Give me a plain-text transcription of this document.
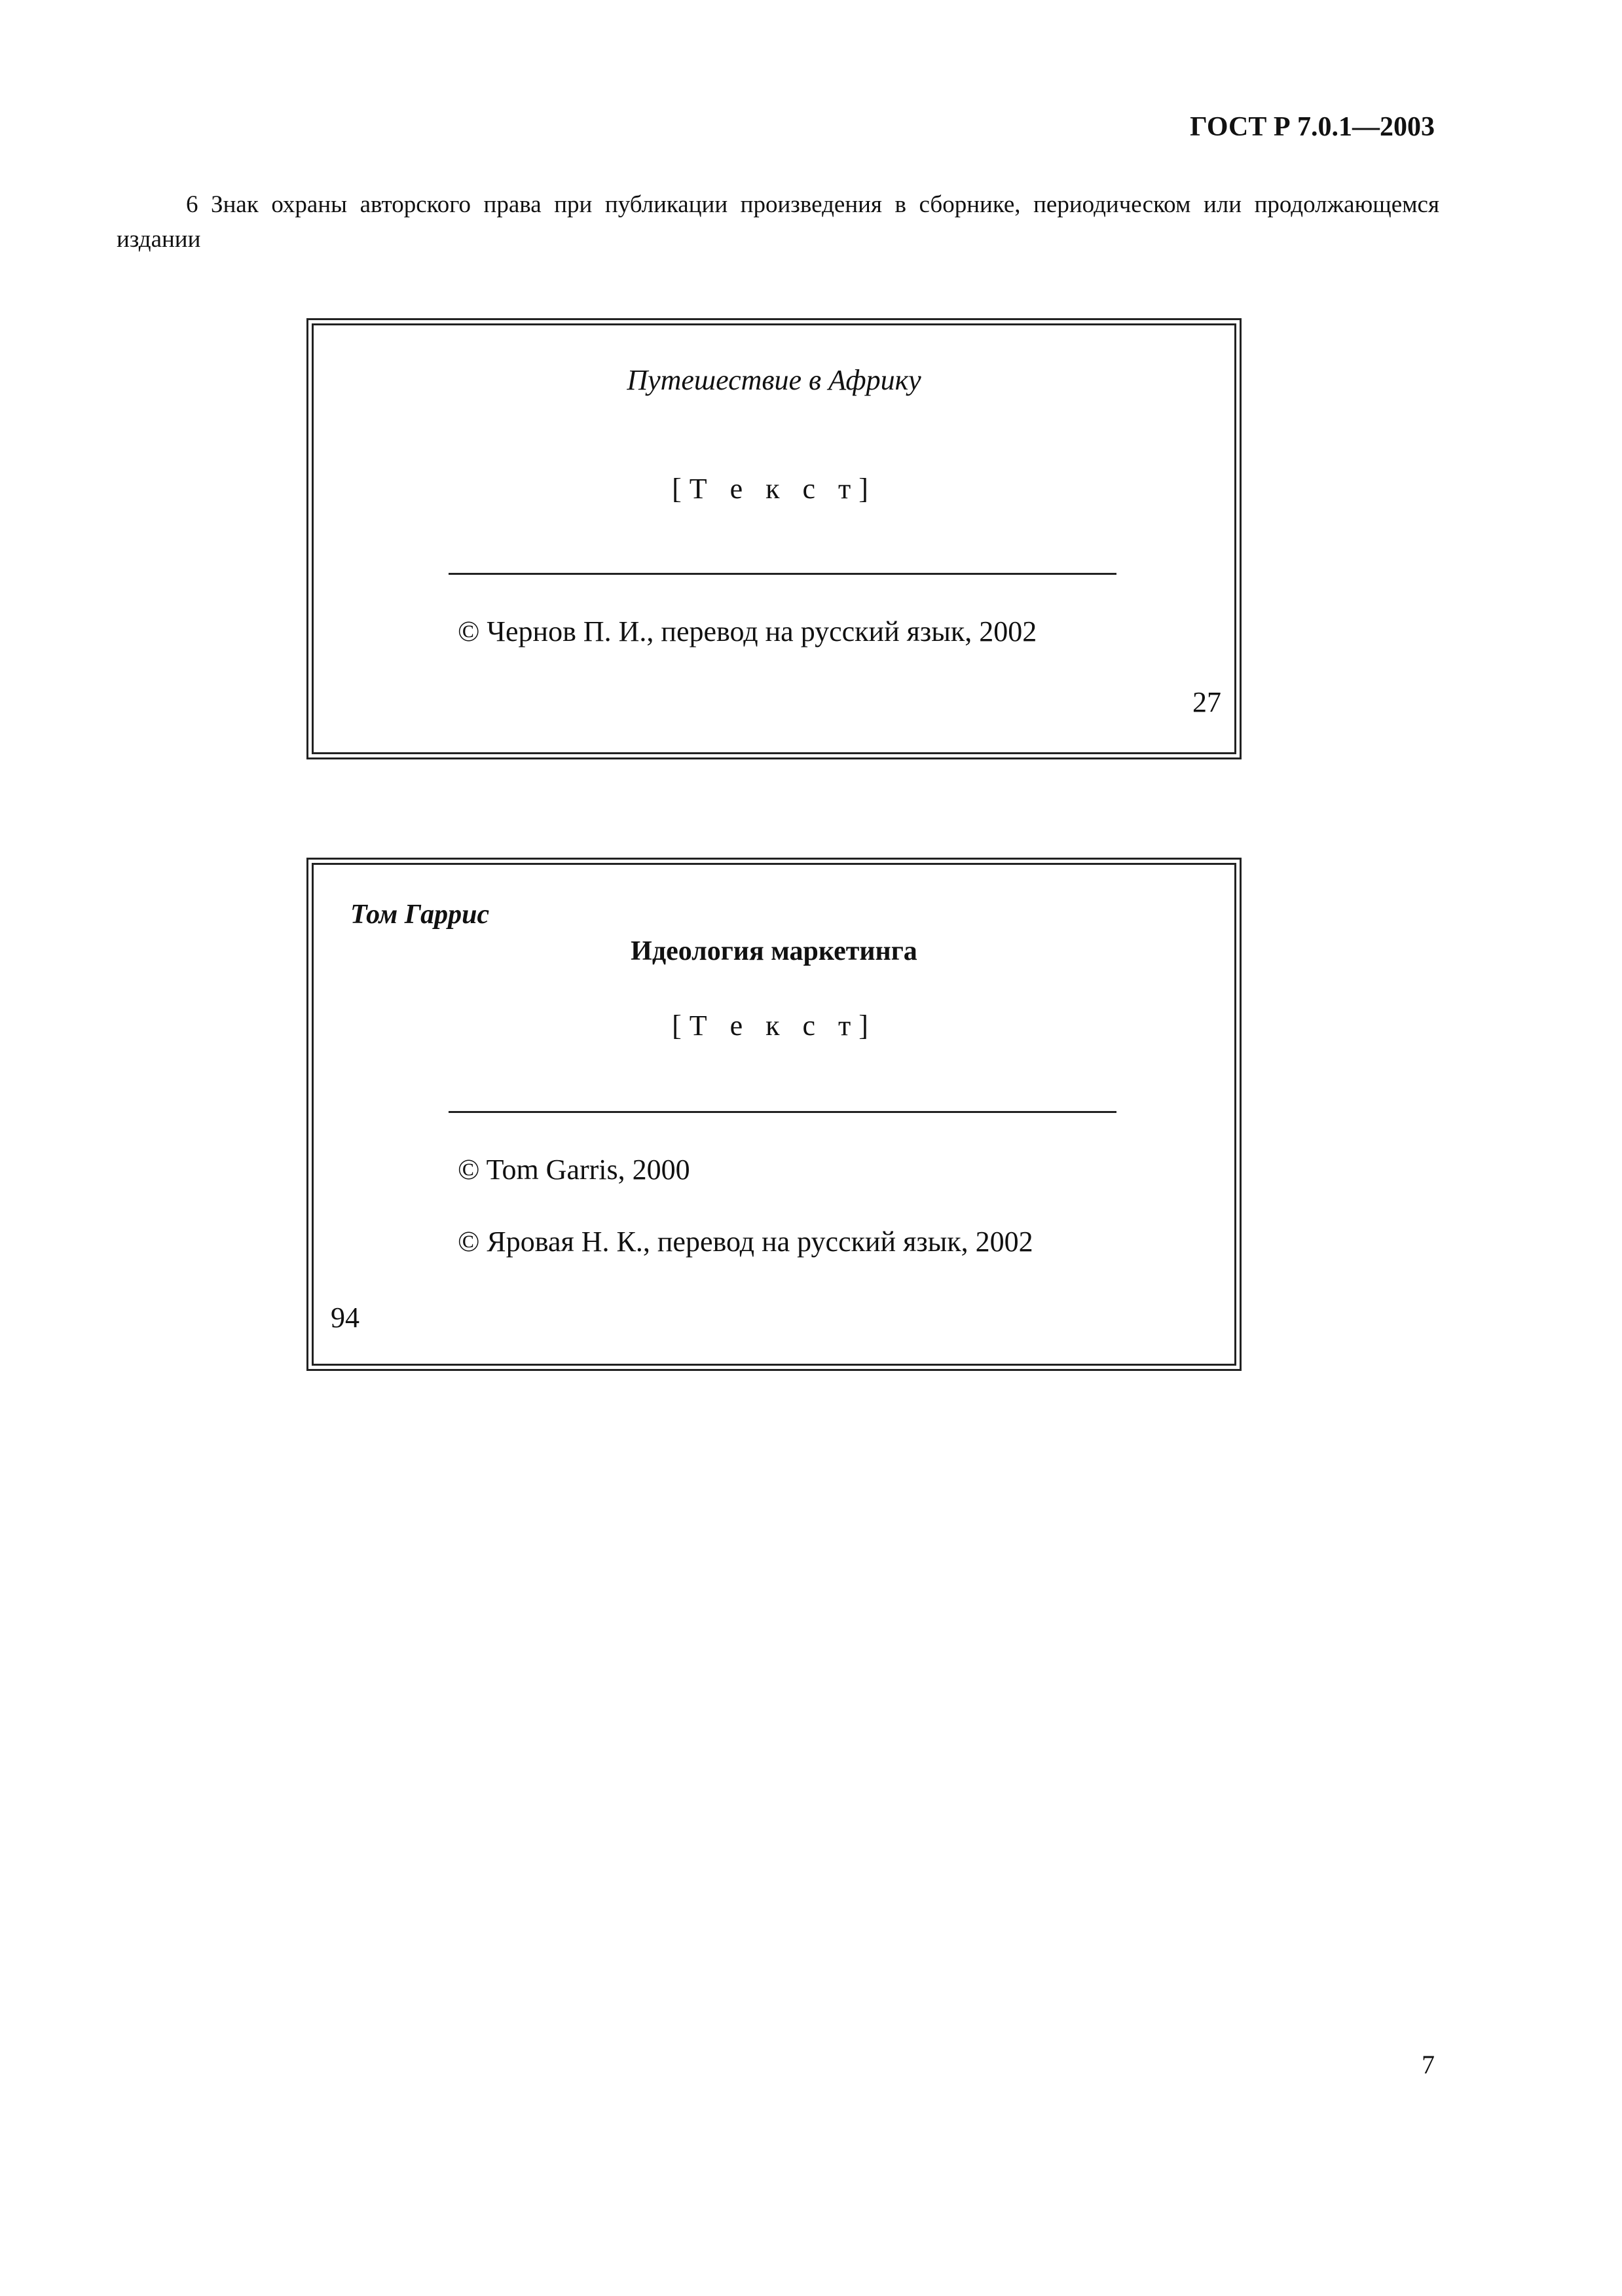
ГОСТ Р 7.0.1—2003
6 Знак охраны авторского права при публикации произведения в сборнике, периодическом или продолжающемся издании
Путешествие в Африку
[Т е к с т]
© Чернов П. И., перевод на русский язык, 2002
27
Том Гаррис
Идеология маркетинга
[Т е к с т]
© Tom Garris, 2000
© Яровая Н. К., перевод на русский язык, 2002
94
7
